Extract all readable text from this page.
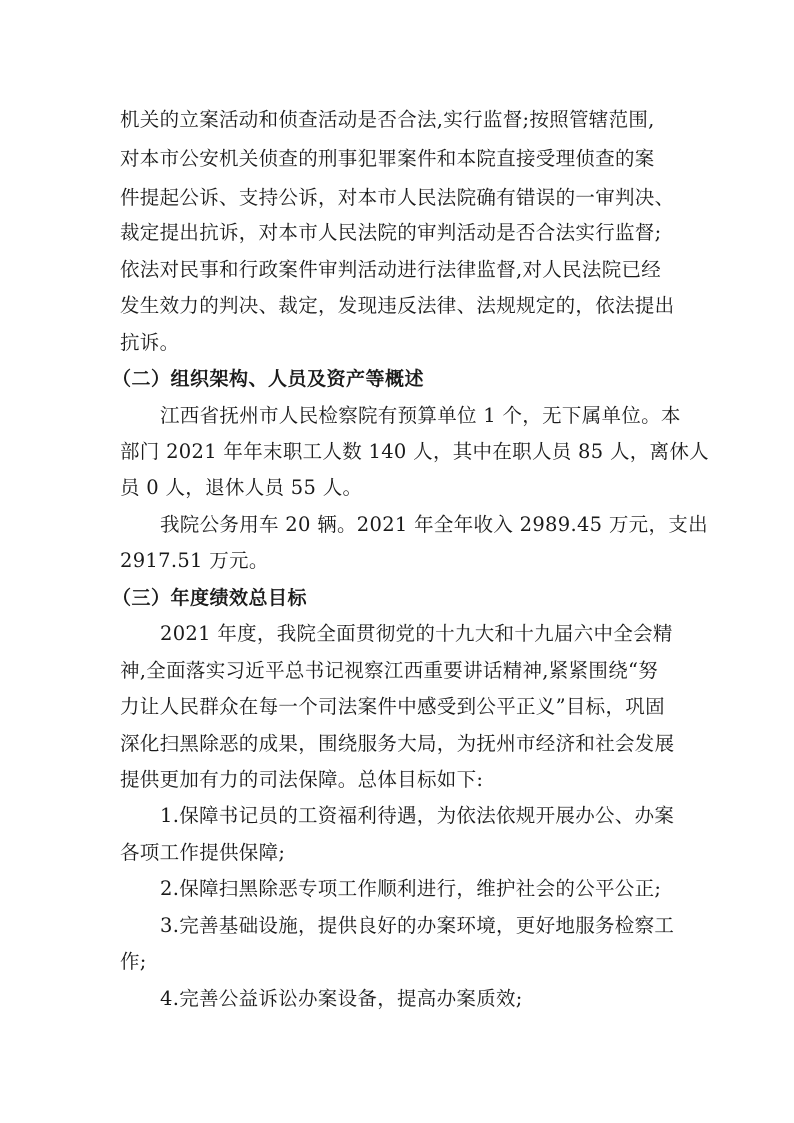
机关的立案活动和侦查活动是否合法,实行监督;按照管辖范围,
对本市公安机关侦查的刑事犯罪案件和本院直接受理侦查的案
件提起公诉、支持公诉，对本市人民法院确有错误的一审判决、
裁定提出抗诉，对本市人民法院的审判活动是否合法实行监督;
依法对民事和行政案件审判活动进行法律监督,对人民法院已经
发生效力的判决、裁定，发现违反法律、法规规定的，依法提出
抗诉。
（二）组织架构、人员及资产等概述
江西省抚州市人民检察院有预算单位 1 个，无下属单位。本
部门 2021 年年末职工人数 140 人，其中在职人员 85 人，离休人
员 0 人，退休人员 55 人。
我院公务用车 20 辆。2021 年全年收入 2989.45 万元，支出
2917.51 万元。
（三）年度绩效总目标
2021 年度，我院全面贯彻党的十九大和十九届六中全会精
神,全面落实习近平总书记视察江西重要讲话精神,紧紧围绕“努
力让人民群众在每一个司法案件中感受到公平正义”目标，巩固
深化扫黑除恶的成果，围绕服务大局，为抚州市经济和社会发展
提供更加有力的司法保障。总体目标如下:
1.保障书记员的工资福利待遇，为依法依规开展办公、办案
各项工作提供保障;
2.保障扫黑除恶专项工作顺利进行，维护社会的公平公正;
3.完善基础设施，提供良好的办案环境，更好地服务检察工
作;
4.完善公益诉讼办案设备，提高办案质效;
